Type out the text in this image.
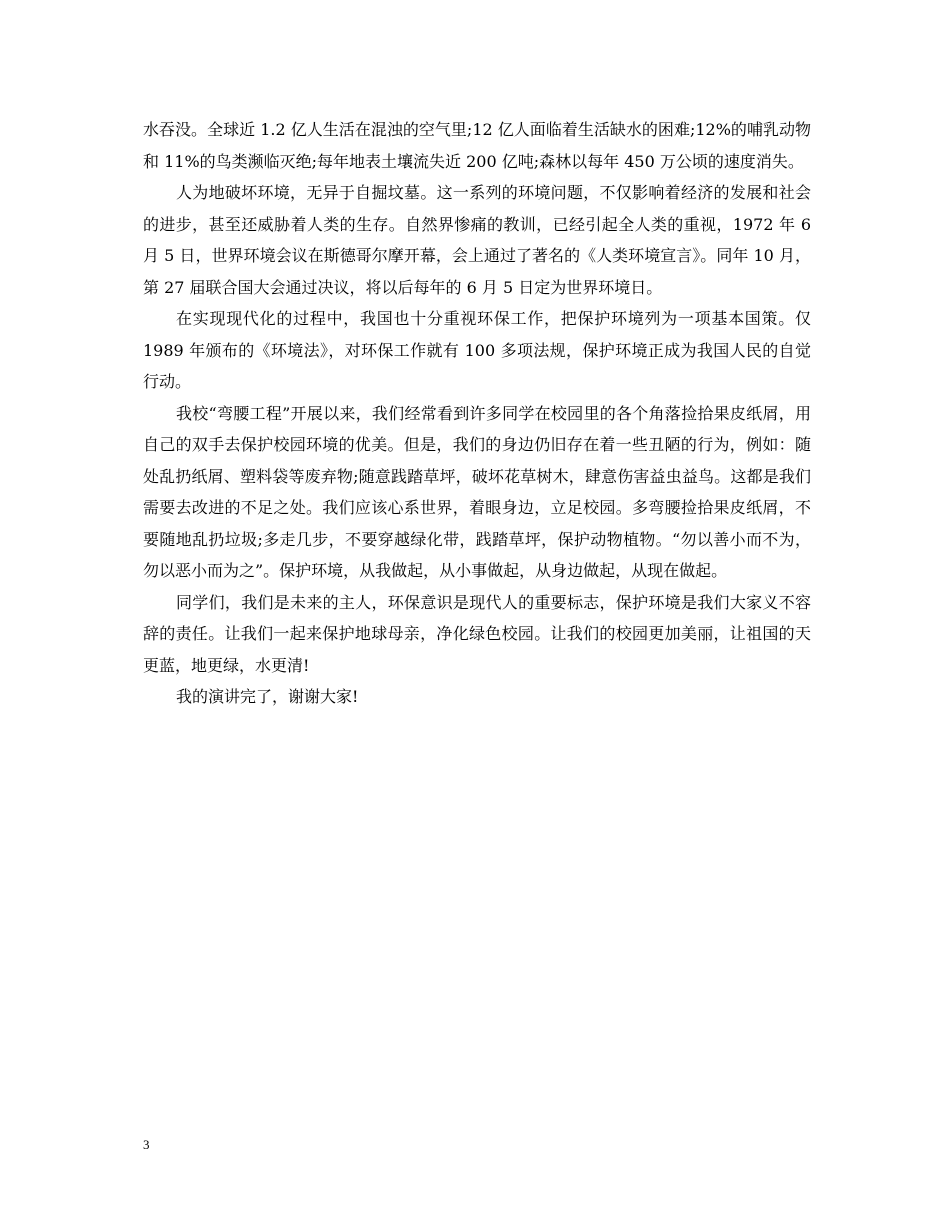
水吞没。全球近 1.2 亿人生活在混浊的空气里;12 亿人面临着生活缺水的困难;12%的哺乳动物和 11%的鸟类濒临灭绝;每年地表土壤流失近 200 亿吨;森林以每年 450 万公顷的速度消失。

人为地破坏环境，无异于自掘坟墓。这一系列的环境问题，不仅影响着经济的发展和社会的进步，甚至还威胁着人类的生存。自然界惨痛的教训，已经引起全人类的重视，1972 年 6 月 5 日，世界环境会议在斯德哥尔摩开幕，会上通过了著名的《人类环境宣言》。同年 10 月，第 27 届联合国大会通过决议，将以后每年的 6 月 5 日定为世界环境日。

在实现现代化的过程中，我国也十分重视环保工作，把保护环境列为一项基本国策。仅 1989 年颁布的《环境法》，对环保工作就有 100 多项法规，保护环境正成为我国人民的自觉行动。

我校“弯腰工程”开展以来，我们经常看到许多同学在校园里的各个角落捡拾果皮纸屑，用自己的双手去保护校园环境的优美。但是，我们的身边仍旧存在着一些丑陋的行为，例如：随处乱扔纸屑、塑料袋等废弃物;随意践踏草坪，破坏花草树木，肆意伤害益虫益鸟。这都是我们需要去改进的不足之处。我们应该心系世界，着眼身边，立足校园。多弯腰捡拾果皮纸屑，不要随地乱扔垃圾;多走几步，不要穿越绿化带，践踏草坪，保护动物植物。“勿以善小而不为，勿以恶小而为之”。保护环境，从我做起，从小事做起，从身边做起，从现在做起。

同学们，我们是未来的主人，环保意识是现代人的重要标志，保护环境是我们大家义不容辞的责任。让我们一起来保护地球母亲，净化绿色校园。让我们的校园更加美丽，让祖国的天更蓝，地更绿，水更清!

我的演讲完了，谢谢大家!

3
